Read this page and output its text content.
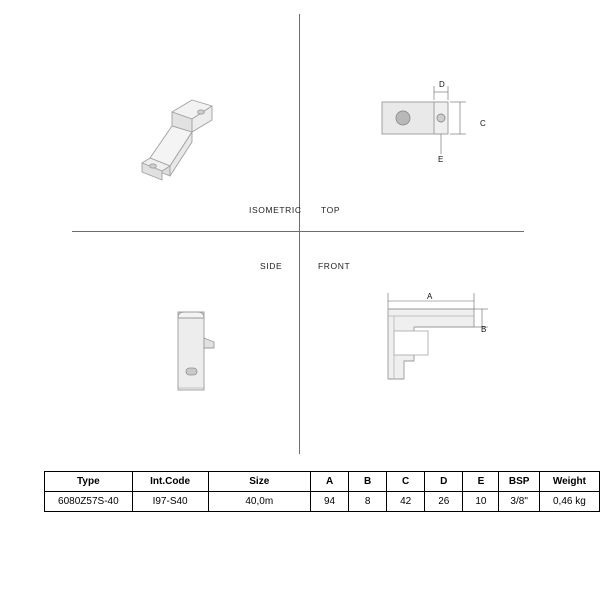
ISOMETRIC
D
C
E
TOP
SIDE	FRONT
A
B
Type	Int.Code	Size	A	B	C	D	E	BSP	Weight
6080Z57S-40	I97-S40	40,0m	94	8	42	26	10	3/8"	0,46 kg
